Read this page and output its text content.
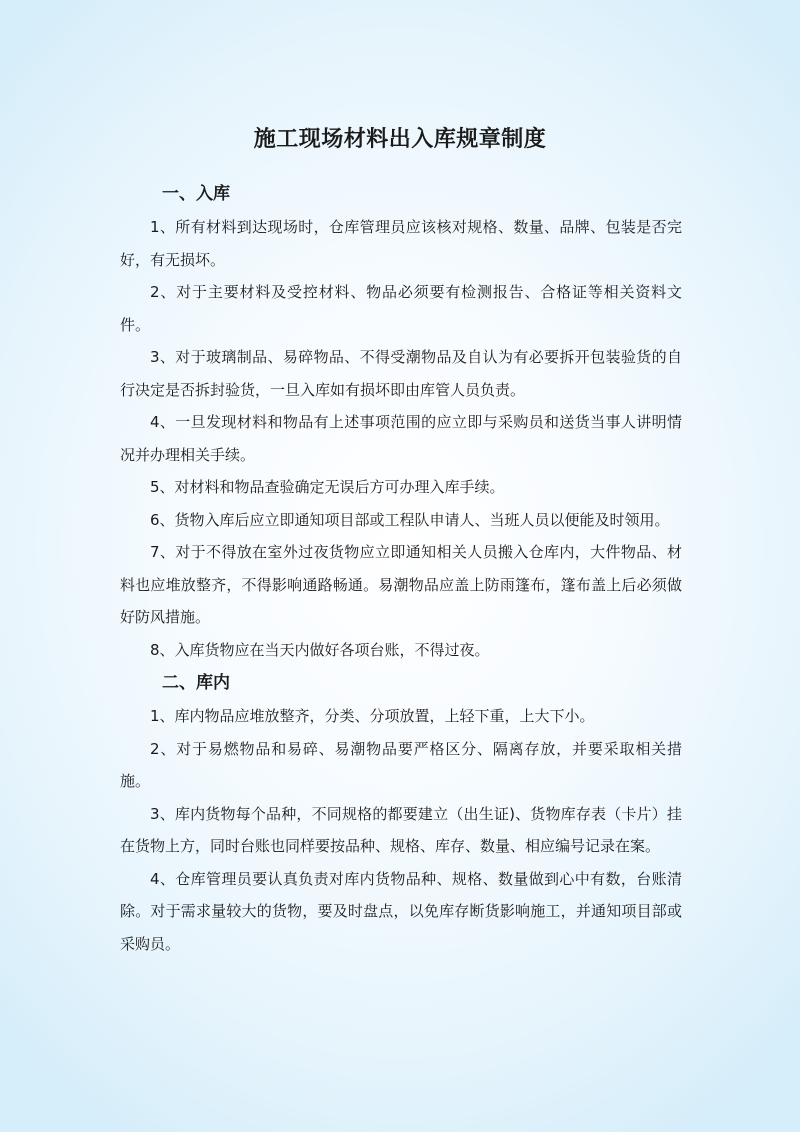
施工现场材料出入库规章制度
一、入库

1、所有材料到达现场时，仓库管理员应该核对规格、数量、品牌、包装是否完好，有无损坏。

2、对于主要材料及受控材料、物品必须要有检测报告、合格证等相关资料文件。

3、对于玻璃制品、易碎物品、不得受潮物品及自认为有必要拆开包装验货的自行决定是否拆封验货，一旦入库如有损坏即由库管人员负责。

4、一旦发现材料和物品有上述事项范围的应立即与采购员和送货当事人讲明情况并办理相关手续。

5、对材料和物品查验确定无误后方可办理入库手续。

6、货物入库后应立即通知项目部或工程队申请人、当班人员以便能及时领用。

7、对于不得放在室外过夜货物应立即通知相关人员搬入仓库内，大件物品、材料也应堆放整齐，不得影响通路畅通。易潮物品应盖上防雨篷布，篷布盖上后必须做好防风措施。

8、入库货物应在当天内做好各项台账，不得过夜。

二、库内

1、库内物品应堆放整齐，分类、分项放置，上轻下重，上大下小。

2、对于易燃物品和易碎、易潮物品要严格区分、隔离存放，并要采取相关措施。

3、库内货物每个品种，不同规格的都要建立（出生证)、货物库存表（卡片）挂在货物上方，同时台账也同样要按品种、规格、库存、数量、相应编号记录在案。

4、仓库管理员要认真负责对库内货物品种、规格、数量做到心中有数，台账清除。对于需求量较大的货物，要及时盘点，以免库存断货影响施工，并通知项目部或采购员。
